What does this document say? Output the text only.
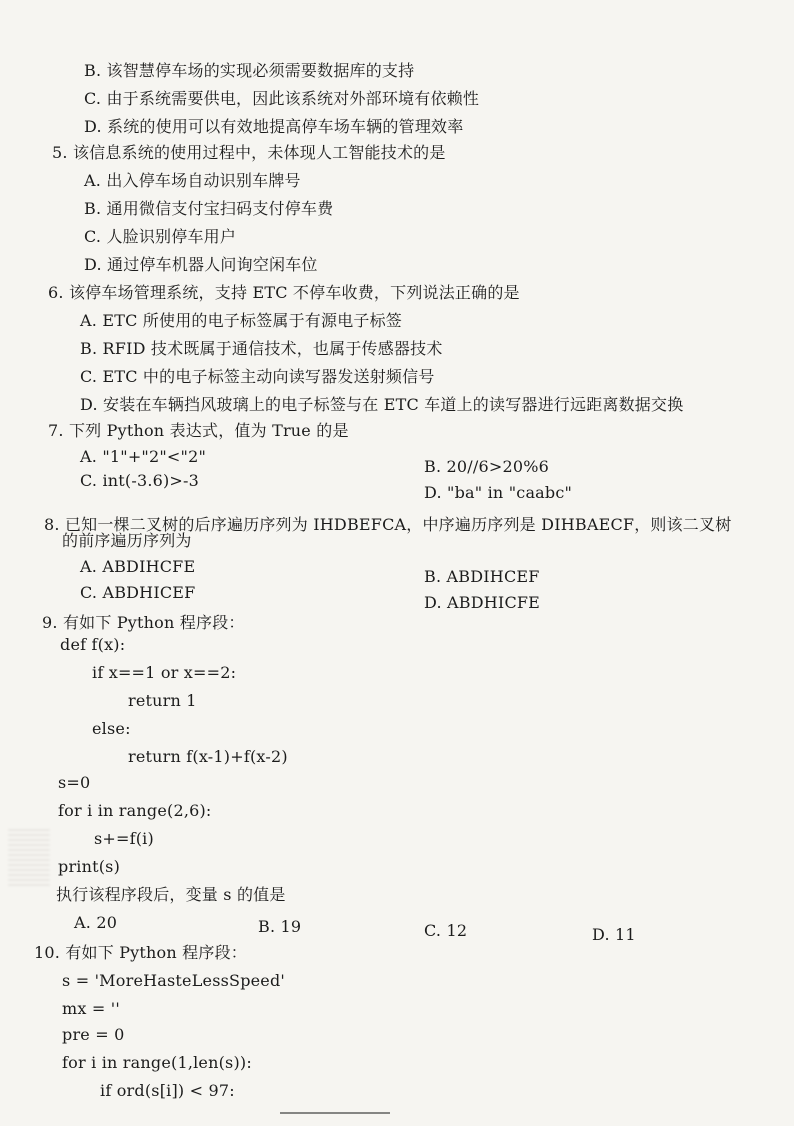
B. 该智慧停车场的实现必须需要数据库的支持
C. 由于系统需要供电，因此该系统对外部环境有依赖性
D. 系统的使用可以有效地提高停车场车辆的管理效率
5. 该信息系统的使用过程中，未体现人工智能技术的是
A. 出入停车场自动识别车牌号
B. 通用微信支付宝扫码支付停车费
C. 人脸识别停车用户
D. 通过停车机器人问询空闲车位
6. 该停车场管理系统，支持 ETC 不停车收费，下列说法正确的是
A. ETC 所使用的电子标签属于有源电子标签
B. RFID 技术既属于通信技术，也属于传感器技术
C. ETC 中的电子标签主动向读写器发送射频信号
D. 安装在车辆挡风玻璃上的电子标签与在 ETC 车道上的读写器进行远距离数据交换
7. 下列 Python 表达式，值为 True 的是
A. "1"+"2"<"2"
B. 20//6>20%6
C. int(-3.6)>-3
D. "ba" in "caabc"
8. 已知一棵二叉树的后序遍历序列为 IHDBEFCA，中序遍历序列是 DIHBAECF，则该二叉树
的前序遍历序列为
A. ABDIHCFE
B. ABDIHCEF
C. ABDHICEF
D. ABDHICFE
9. 有如下 Python 程序段：
def f(x):
if x==1 or x==2:
return 1
else:
return f(x-1)+f(x-2)
s=0
for i in range(2,6):
s+=f(i)
print(s)
执行该程序段后，变量 s 的值是
A. 20	B. 19	C. 12	D. 11
10. 有如下 Python 程序段：
s = 'MoreHasteLessSpeed'
mx = ''
pre = 0
for i in range(1,len(s)):
if ord(s[i]) < 97:
